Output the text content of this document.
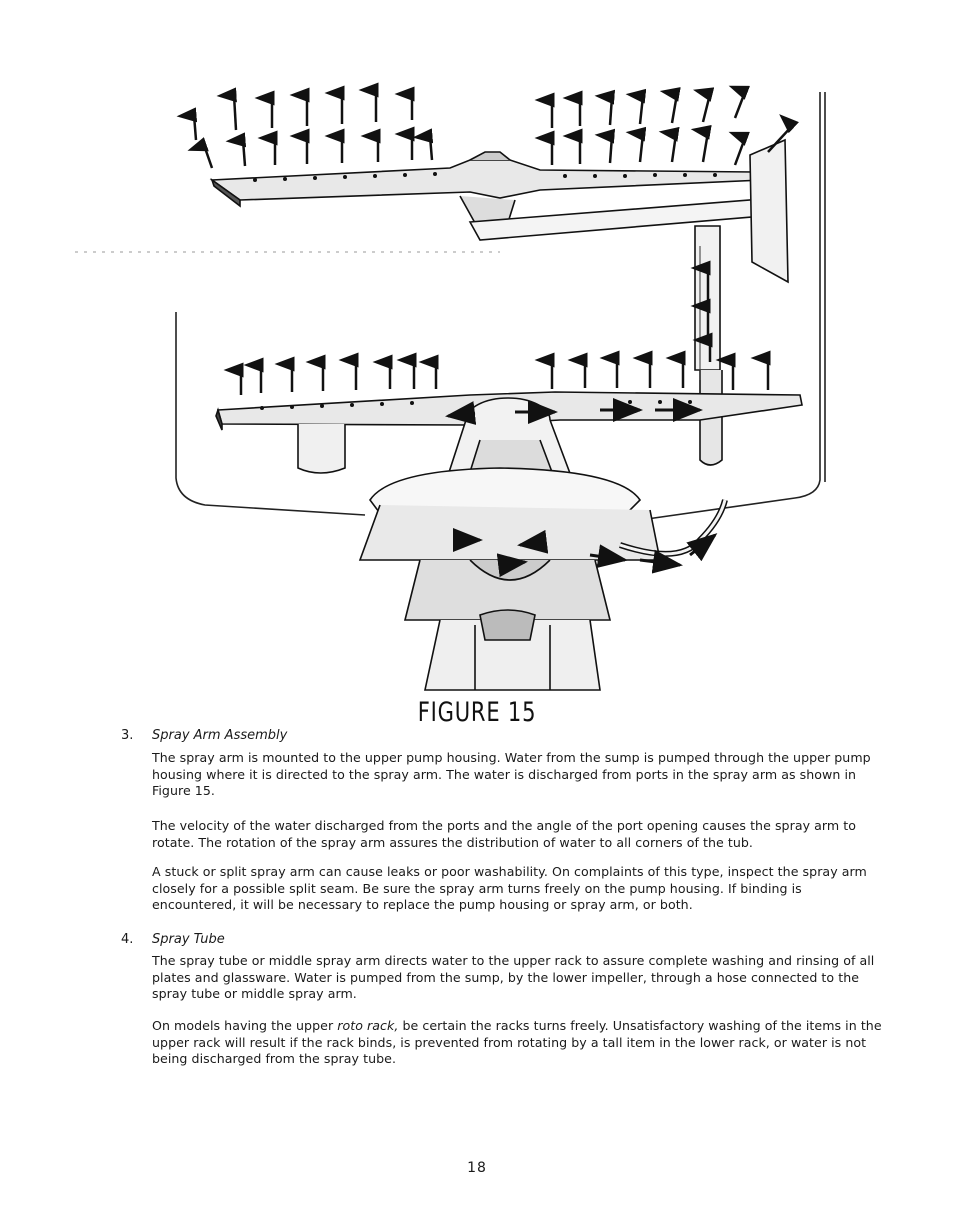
FIGURE 15
3. Spray Arm Assembly

The spray arm is mounted to the upper pump housing. Water from the sump is pumped through the upper pump housing where it is directed to the spray arm. The water is discharged from ports in the spray arm as shown in Figure 15.

The velocity of the water discharged from the ports and the angle of the port opening causes the spray arm to rotate. The rotation of the spray arm assures the distribution of water to all corners of the tub.

A stuck or split spray arm can cause leaks or poor washability. On complaints of this type, inspect the spray arm closely for a possible split seam. Be sure the spray arm turns freely on the pump housing. If binding is encountered, it will be necessary to replace the pump housing or spray arm, or both.

4. Spray Tube

The spray tube or middle spray arm directs water to the upper rack to assure complete washing and rinsing of all plates and glassware. Water is pumped from the sump, by the lower impeller, through a hose connected to the spray tube or middle spray arm.

On models having the upper roto rack, be certain the racks turns freely. Unsatisfactory washing of the items in the upper rack will result if the rack binds, is prevented from rotating by a tall item in the lower rack, or water is not being discharged from the spray tube.

18
